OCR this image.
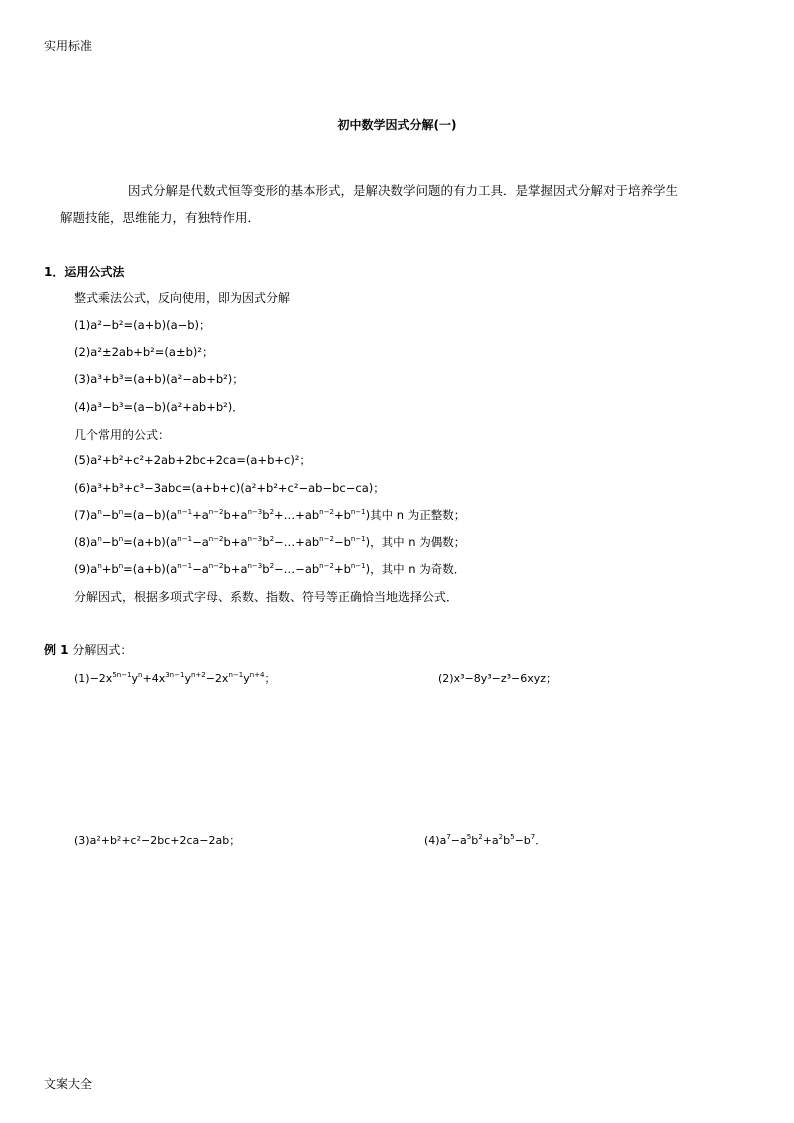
实用标准
初中数学因式分解(一)
因式分解是代数式恒等变形的基本形式，是解决数学问题的有力工具．是掌握因式分解对于培养学生
解题技能，思维能力，有独特作用．
1．运用公式法
整式乘法公式，反向使用，即为因式分解
(1)a²−b²=(a+b)(a−b)；
(2)a²±2ab+b²=(a±b)²；
(3)a³+b³=(a+b)(a²−ab+b²)；
(4)a³−b³=(a−b)(a²+ab+b²)．
几个常用的公式：
(5)a²+b²+c²+2ab+2bc+2ca=(a+b+c)²；
(6)a³+b³+c³−3abc=(a+b+c)(a²+b²+c²−ab−bc−ca)；
$(7)a^n-b^n=(a-b)(a^{n-1}+a^{n-2}b+a^{n-3}b^2+\dots+ab^{n-2}+b^{n-1})$其中 n 为正整数；
$(8)a^n-b^n=(a+b)(a^{n-1}-a^{n-2}b+a^{n-3}b^2-\dots+ab^{n-2}-b^{n-1})$，其中 n 为偶数；
$(9)a^n+b^n=(a+b)(a^{n-1}-a^{n-2}b+a^{n-3}b^2-\dots-ab^{n-2}+b^{n-1})$，其中 n 为奇数．
分解因式，根据多项式字母、系数、指数、符号等正确恰当地选择公式．
例 1 分解因式：
$(1)-2x^{5n-1}y^n+4x^{3n-1}y^{n+2}-2x^{n-1}y^{n+4}$；	(2)x³−8y³−z³−6xyz；
(3)a²+b²+c²−2bc+2ca−2ab；	$(4)a^7-a^5b^2+a^2b^5-b^7$．
文案大全
